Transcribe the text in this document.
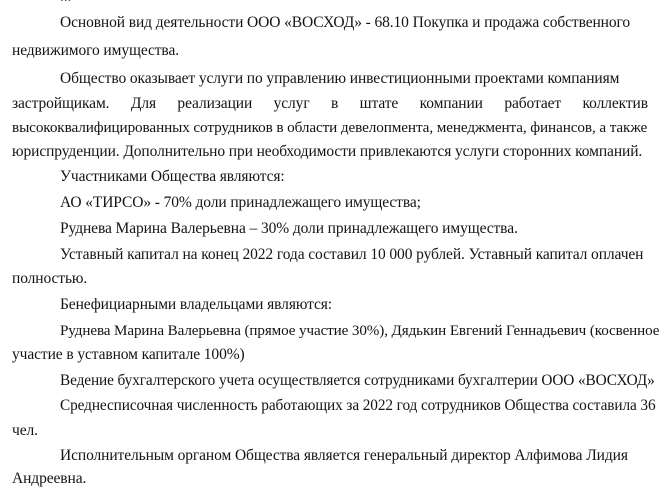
Основной вид деятельности ООО «ВОСХОД» - 68.10 Покупка и продажа собственного
недвижимого имущества.
Общество оказывает услуги по управлению инвестиционными проектами компаниям
застройщикам. Для реализации услуг в штате компании работает коллектив
высококвалифицированных сотрудников в области девелопмента, менеджмента, финансов, а также
юриспруденции. Дополнительно при необходимости привлекаются услуги сторонних компаний.
Участниками Общества являются:
АО «ТИРСО» - 70% доли принадлежащего имущества;
Руднева Марина Валерьевна – 30% доли принадлежащего имущества.
Уставный капитал на конец 2022 года составил 10 000 рублей. Уставный капитал оплачен
полностью.
Бенефициарными владельцами являются:
Руднева Марина Валерьевна (прямое участие 30%), Дядькин Евгений Геннадьевич (косвенное
участие в уставном капитале 100%)
Ведение бухгалтерского учета осуществляется сотрудниками бухгалтерии ООО «ВОСХОД»
Среднесписочная численность работающих за 2022 год сотрудников Общества составила 36
чел.
Исполнительным органом Общества является генеральный директор Алфимова Лидия
Андреевна.
